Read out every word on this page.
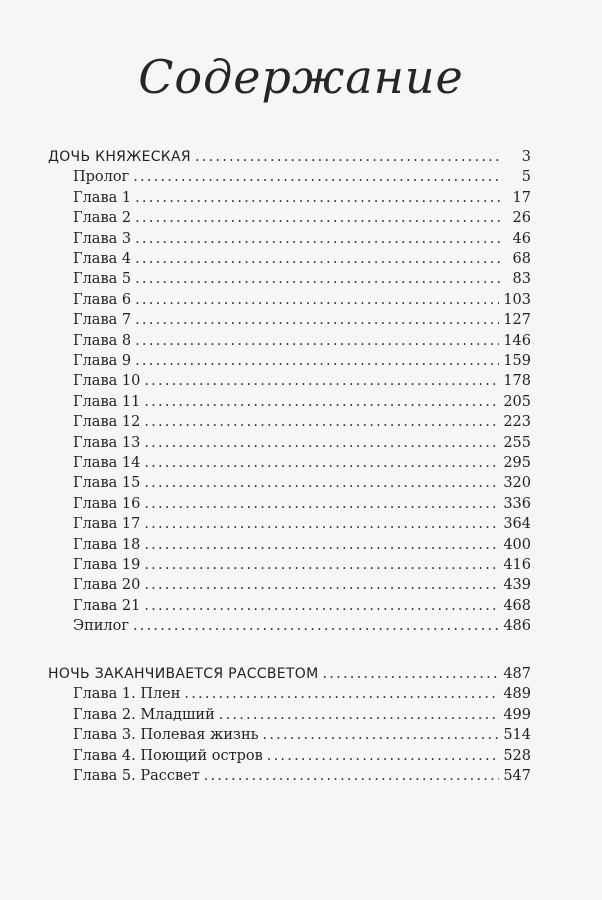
Содержание
ДОЧЬ КНЯЖЕСКАЯ . . .	3
Пролог . . .	5
Глава 1 . . .	17
Глава 2 . . .	26
Глава 3 . . .	46
Глава 4 . . .	68
Глава 5 . . .	83
Глава 6 . . .	103
Глава 7 . . .	127
Глава 8 . . .	146
Глава 9 . . .	159
Глава 10 . . .	178
Глава 11 . . .	205
Глава 12 . . .	223
Глава 13 . . .	255
Глава 14 . . .	295
Глава 15 . . .	320
Глава 16 . . .	336
Глава 17 . . .	364
Глава 18 . . .	400
Глава 19 . . .	416
Глава 20 . . .	439
Глава 21 . . .	468
Эпилог . . .	486
НОЧЬ ЗАКАНЧИВАЕТСЯ РАССВЕТОМ . . .	487
Глава 1. Плен . . .	489
Глава 2. Младший . . .	499
Глава 3. Полевая жизнь . . .	514
Глава 4. Поющий остров . . .	528
Глава 5. Рассвет . . .	547
